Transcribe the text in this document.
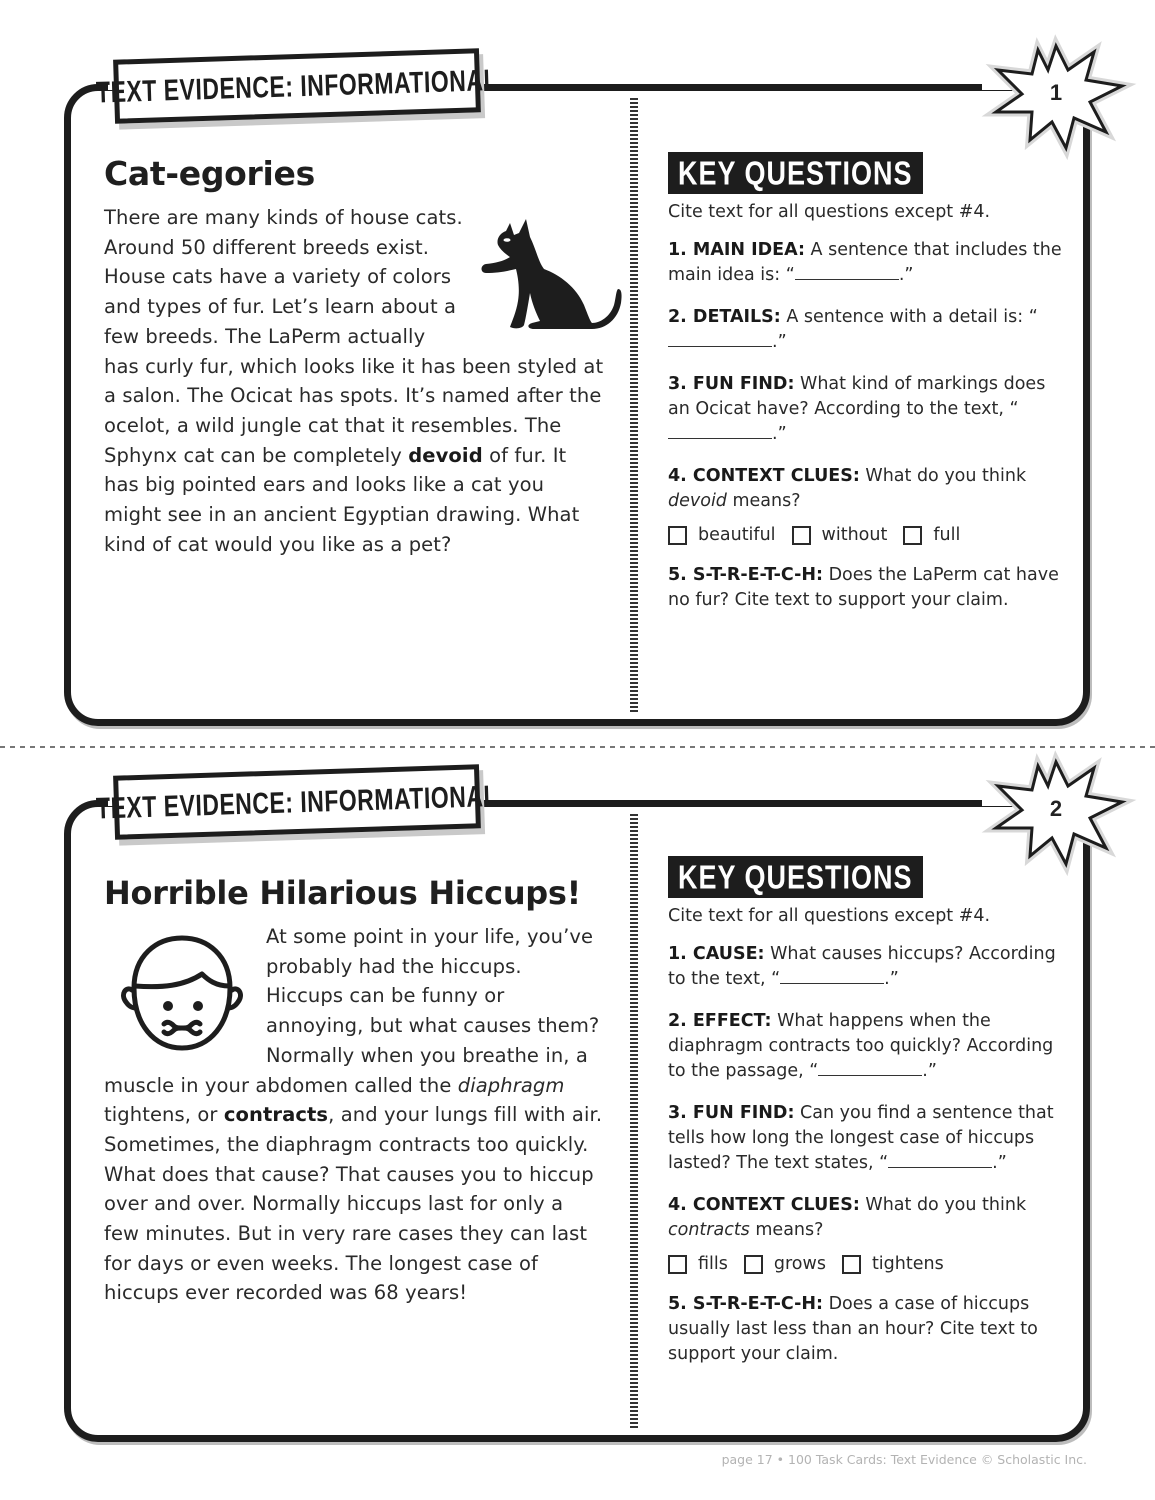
TEXT EVIDENCE: INFORMATIONAL	1
Cat-egories
There are many kinds of house cats. Around 50 different breeds exist. House cats have a variety of colors and types of fur. Let’s learn about a few breeds. The LaPerm actually has curly fur, which looks like it has been styled at a salon. The Ocicat has spots. It’s named after the ocelot, a wild jungle cat that it resembles. The Sphynx cat can be completely devoid of fur. It has big pointed ears and looks like a cat you might see in an ancient Egyptian drawing. What kind of cat would you like as a pet?
KEY QUESTIONS
Cite text for all questions except #4.
1. MAIN IDEA: A sentence that includes the main idea is: “	.”
2. DETAILS: A sentence with a detail is: “.”
3. FUN FIND: What kind of markings does an Ocicat have? According to the text, “.”
4. CONTEXT CLUES: What do you think devoid means?
beautiful	without	full
5. S-T-R-E-T-C-H: Does the LaPerm cat have no fur? Cite text to support your claim.
TEXT EVIDENCE: INFORMATIONAL	2
Horrible Hilarious Hiccups!
At some point in your life, you’ve probably had the hiccups. Hiccups can be funny or annoying, but what causes them? Normally when you breathe in, a muscle in your abdomen called the diaphragm tightens, or contracts, and your lungs fill with air. Sometimes, the diaphragm contracts too quickly. What does that cause? That causes you to hiccup over and over. Normally hiccups last for only a few minutes. But in very rare cases they can last for days or even weeks. The longest case of hiccups ever recorded was 68 years!
KEY QUESTIONS
Cite text for all questions except #4.
1. CAUSE: What causes hiccups? According to the text, “	.”
2. EFFECT: What happens when the diaphragm contracts too quickly? According to the passage, “	.”
3. FUN FIND: Can you find a sentence that tells how long the longest case of hiccups lasted? The text states, “	.”
4. CONTEXT CLUES: What do you think contracts means?
fills	grows	tightens
5. S-T-R-E-T-C-H: Does a case of hiccups usually last less than an hour? Cite text to support your claim.
page 17 • 100 Task Cards: Text Evidence © Scholastic Inc.
